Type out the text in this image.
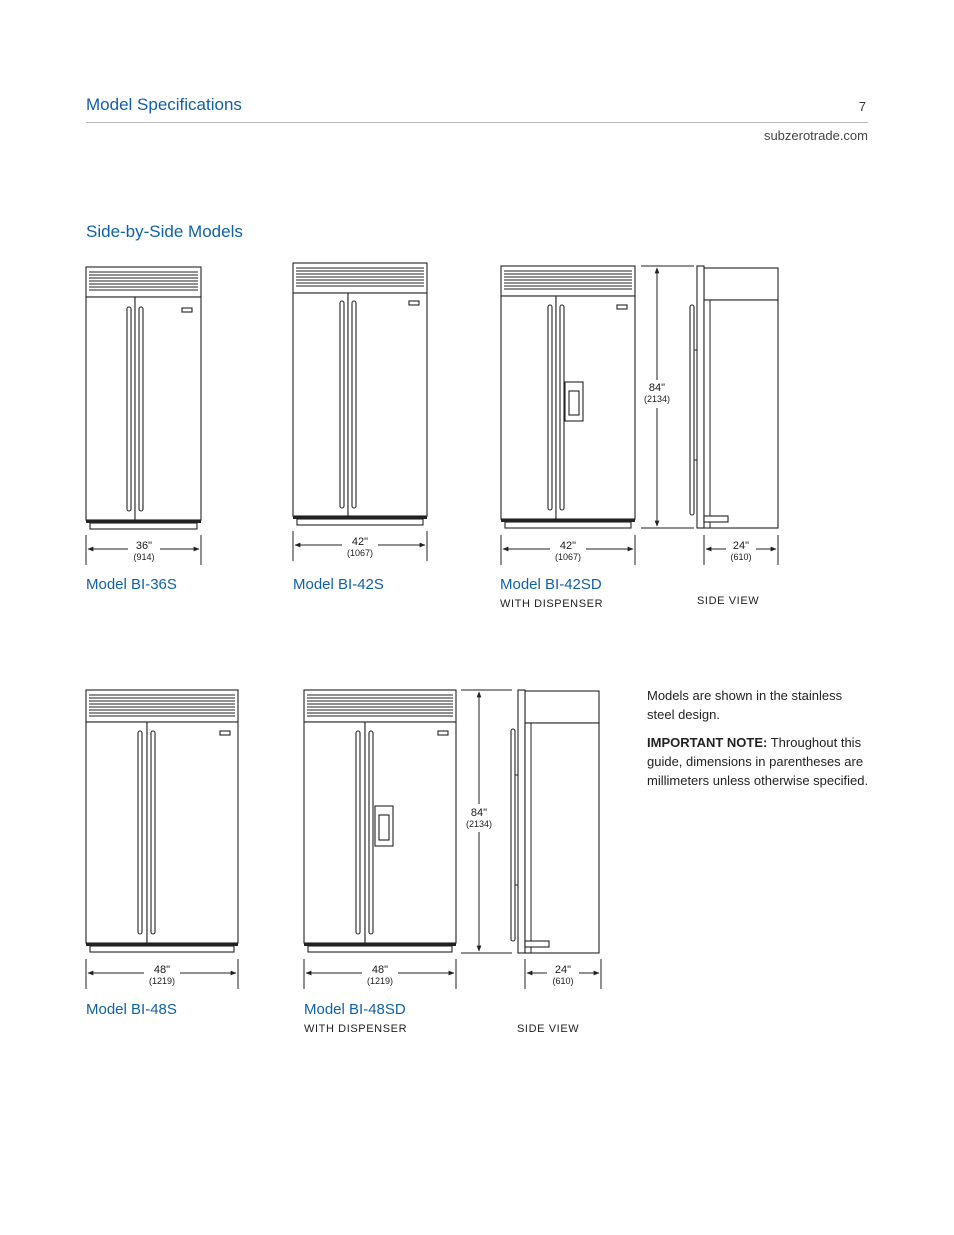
Model Specifications	7
subzerotrade.com
Side-by-Side Models
36"
(914)
42"
(1067)
42"
(1067)
84"
(2134)
24"
(610)
48"
(1219)
48"
(1219)
84"
(2134)
24"
(610)
Model BI-36S	Model BI-42S	Model BI-42SD
WITH DISPENSER	SIDE VIEW
Model BI-48S	Model BI-48SD
WITH DISPENSER	SIDE VIEW

Models are shown in the stainless steel design.

IMPORTANT NOTE: Throughout this guide, dimensions in parentheses are millimeters unless otherwise specified.
